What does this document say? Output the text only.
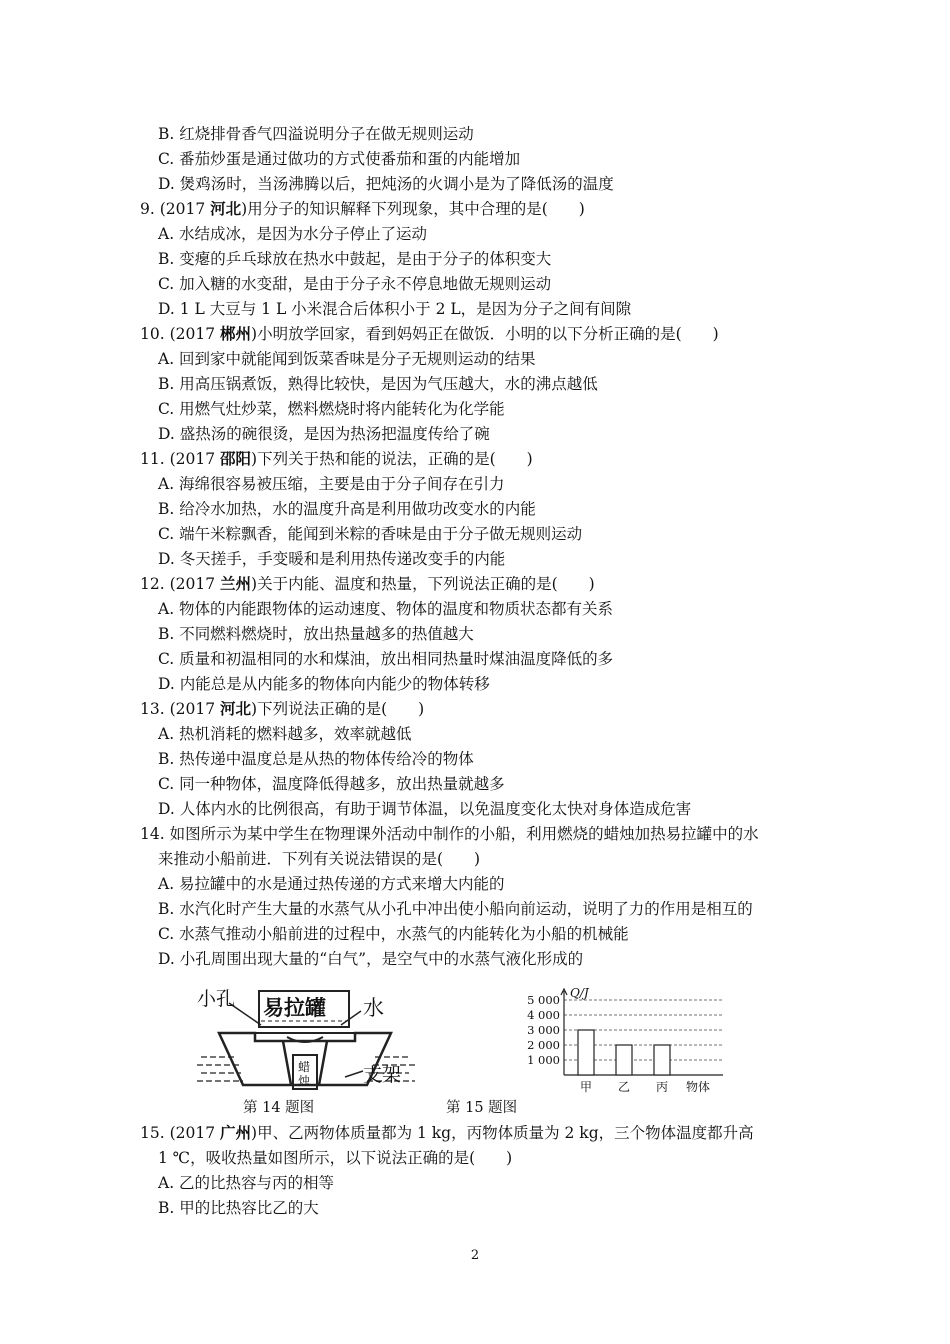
B. 红烧排骨香气四溢说明分子在做无规则运动
C. 番茄炒蛋是通过做功的方式使番茄和蛋的内能增加
D. 煲鸡汤时，当汤沸腾以后，把炖汤的火调小是为了降低汤的温度
9. (2017 河北)用分子的知识解释下列现象，其中合理的是(　　)
A. 水结成冰，是因为水分子停止了运动
B. 变瘪的乒乓球放在热水中鼓起，是由于分子的体积变大
C. 加入糖的水变甜，是由于分子永不停息地做无规则运动
D. 1 L 大豆与 1 L 小米混合后体积小于 2 L，是因为分子之间有间隙
10. (2017 郴州)小明放学回家，看到妈妈正在做饭．小明的以下分析正确的是(　　)
A. 回到家中就能闻到饭菜香味是分子无规则运动的结果
B. 用高压锅煮饭，熟得比较快，是因为气压越大，水的沸点越低
C. 用燃气灶炒菜，燃料燃烧时将内能转化为化学能
D. 盛热汤的碗很烫，是因为热汤把温度传给了碗
11. (2017 邵阳)下列关于热和能的说法，正确的是(　　)
A. 海绵很容易被压缩，主要是由于分子间存在引力
B. 给冷水加热，水的温度升高是利用做功改变水的内能
C. 端午米粽飘香，能闻到米粽的香味是由于分子做无规则运动
D. 冬天搓手，手变暖和是利用热传递改变手的内能
12. (2017 兰州)关于内能、温度和热量，下列说法正确的是(　　)
A. 物体的内能跟物体的运动速度、物体的温度和物质状态都有关系
B. 不同燃料燃烧时，放出热量越多的热值越大
C. 质量和初温相同的水和煤油，放出相同热量时煤油温度降低的多
D. 内能总是从内能多的物体向内能少的物体转移
13. (2017 河北)下列说法正确的是(　　)
A. 热机消耗的燃料越多，效率就越低
B. 热传递中温度总是从热的物体传给冷的物体
C. 同一种物体，温度降低得越多，放出热量就越多
D. 人体内水的比例很高，有助于调节体温，以免温度变化太快对身体造成危害
14. 如图所示为某中学生在物理课外活动中制作的小船，利用燃烧的蜡烛加热易拉罐中的水
来推动小船前进．下列有关说法错误的是(　　)
A. 易拉罐中的水是通过热传递的方式来增大内能的
B. 水汽化时产生大量的水蒸气从小孔中冲出使小船向前运动，说明了力的作用是相互的
C. 水蒸气推动小船前进的过程中，水蒸气的内能转化为小船的机械能
D. 小孔周围出现大量的“白气”，是空气中的水蒸气液化形成的
小孔 易拉罐 水
蜡
烛	支架
第 14 题图
1 000
2 000
3 000
4 000
5 000 Q/J
甲 乙 丙 物体
第 15 题图
15. (2017 广州)甲、乙两物体质量都为 1 kg，丙物体质量为 2 kg，三个物体温度都升高
1 ℃，吸收热量如图所示，以下说法正确的是(　　)
A. 乙的比热容与丙的相等
B. 甲的比热容比乙的大
2
